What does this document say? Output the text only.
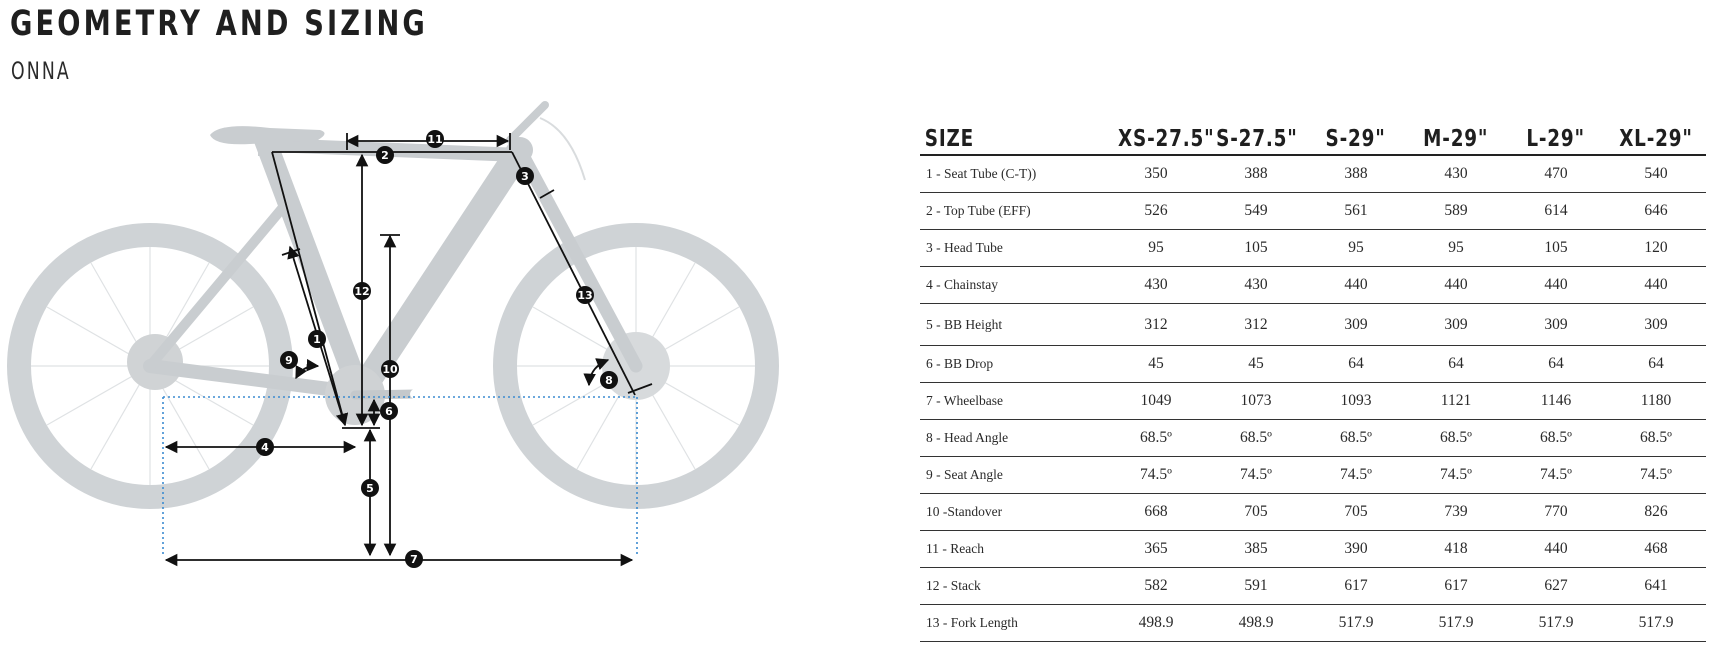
GEOMETRY AND SIZING
ONNA
11
2
3
12	13
1
9
10
8
6
4
5
7
SIZE	XS-27.5"	S-27.5"	S-29"	M-29"	L-29"	XL-29"
1 - Seat Tube (C-T))	350	388	388	430	470	540
2 - Top Tube (EFF)	526	549	561	589	614	646
3 - Head Tube	95	105	95	95	105	120
4 - Chainstay	430	430	440	440	440	440
5 - BB Height	312	312	309	309	309	309
6 - BB Drop	45	45	64	64	64	64
7 - Wheelbase	1049	1073	1093	1121	1146	1180
8 - Head Angle	68.5º	68.5º	68.5º	68.5º	68.5º	68.5º
9 - Seat Angle	74.5º	74.5º	74.5º	74.5º	74.5º	74.5º
10 -Standover	668	705	705	739	770	826
11 - Reach	365	385	390	418	440	468
12 - Stack	582	591	617	617	627	641
13 - Fork Length	498.9	498.9	517.9	517.9	517.9	517.9
